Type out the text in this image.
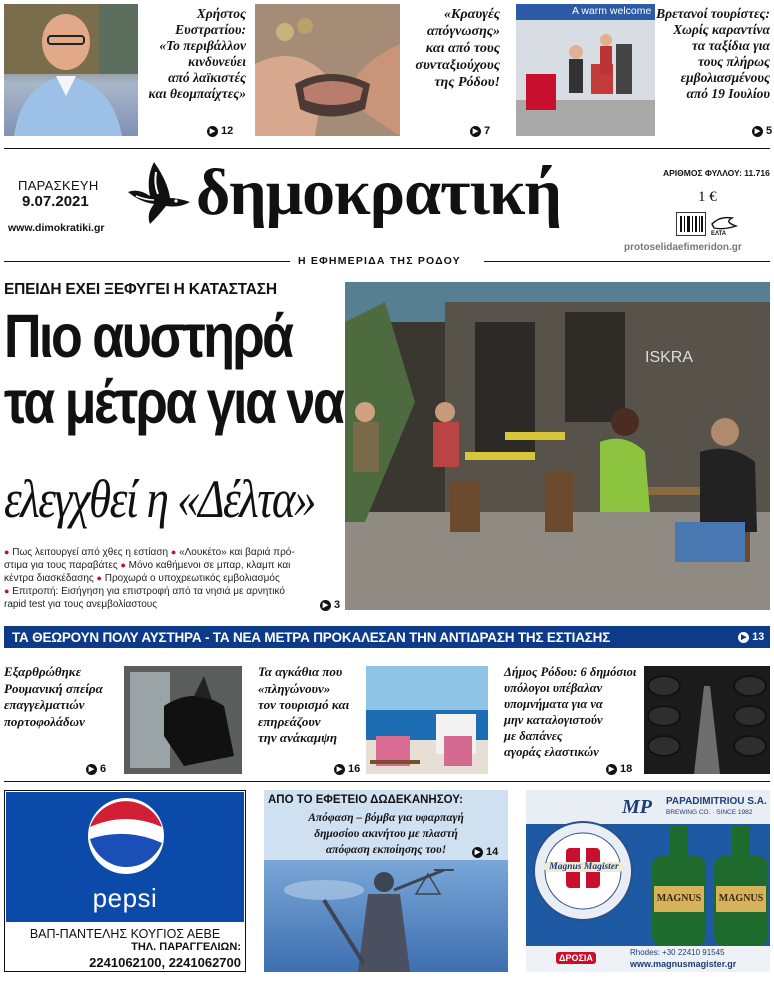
Χρήστος
Ευστρατίου:
«Το περιβάλλον
κινδυνεύει
από λαϊκιστές
και θεομπαίχτες»
▶ 12
«Κραυγές
απόγνωσης»
και από τους
συνταξιούχους
της Ρόδου!
▶ 7
A warm welcome Βρετανοί τουρίστες:
Χωρίς καραντίνα
τα ταξίδια για
τους πλήρως
εμβολιασμένους
από 19 Ιουλίου
▶ 5
ΠΑΡΑΣΚΕΥΗ
9.07.2021
www.dimokratiki.gr δημοκρατική	ΑΡΙΘΜΟΣ ΦΥΛΛΟΥ: 11.716
1 €
ΕΛΤΑ
protoselidaefimeridon.gr
Η ΕΦΗΜΕΡΙΔΑ ΤΗΣ ΡΟΔΟΥ
ΕΠΕΙΔΗ ΕΧΕΙ ΞΕΦΥΓΕΙ Η ΚΑΤΑΣΤΑΣΗ
Πιο αυστηρά
τα μέτρα για να
ελεγχθεί η «Δέλτα»
● Πως λειτουργεί από χθες η εστίαση ● «Λουκέτο» και βαριά πρό-
στιμα για τους παραβάτες ● Μόνο καθήμενοι σε μπαρ, κλαμπ και
κέντρα διασκέδασης ● Προχωρά ο υποχρεωτικός εμβολιασμός
● Επιτροπή: Εισήγηση για επιστροφή από τα νησιά με αρνητικό
rapid test για τους ανεμβολίαστους	▶ 3
ISKRA
ΤΑ ΘΕΩΡΟΥΝ ΠΟΛΥ ΑΥΣΤΗΡΑ - ΤΑ ΝΕΑ ΜΕΤΡΑ ΠΡΟΚΑΛΕΣΑΝ ΤΗΝ ΑΝΤΙΔΡΑΣΗ ΤΗΣ ΕΣΤΙΑΣΗΣ	▶ 13
Εξαρθρώθηκε
Ρουμανική σπείρα
επαγγελματιών
πορτοφολάδων
▶ 6
Τα αγκάθια που
«πληγώνουν»
τον τουρισμό και
επηρεάζουν
την ανάκαμψη
▶ 16
Δήμος Ρόδου: 6 δημόσιοι
υπόλογοι υπέβαλαν
υπομνήματα για να
μην καταλογιστούν
με δαπάνες
αγοράς ελαστικών
▶ 18
pepsi
ΒΑΠ-ΠΑΝΤΕΛΗΣ ΚΟΥΓΙΟΣ ΑΕΒΕ
ΤΗΛ. ΠΑΡΑΓΓΕΛΙΩΝ:
2241062100, 2241062700
ΑΠΟ ΤΟ ΕΦΕΤΕΙΟ ΔΩΔΕΚΑΝΗΣΟΥ:
Απόφαση – βόμβα για υφαρπαγή
δημοσίου ακινήτου με πλαστή
απόφαση εκποίησης του!	▶ 14
MP PAPADIMITRIOU S.A.
BREWING CO. · SINCE 1982
Magnus Magister
MAGNUS MAGNUS
ΔΡΟΣΙΑ
Rhodes: +30 22410 91545
www.magnusmagister.gr
